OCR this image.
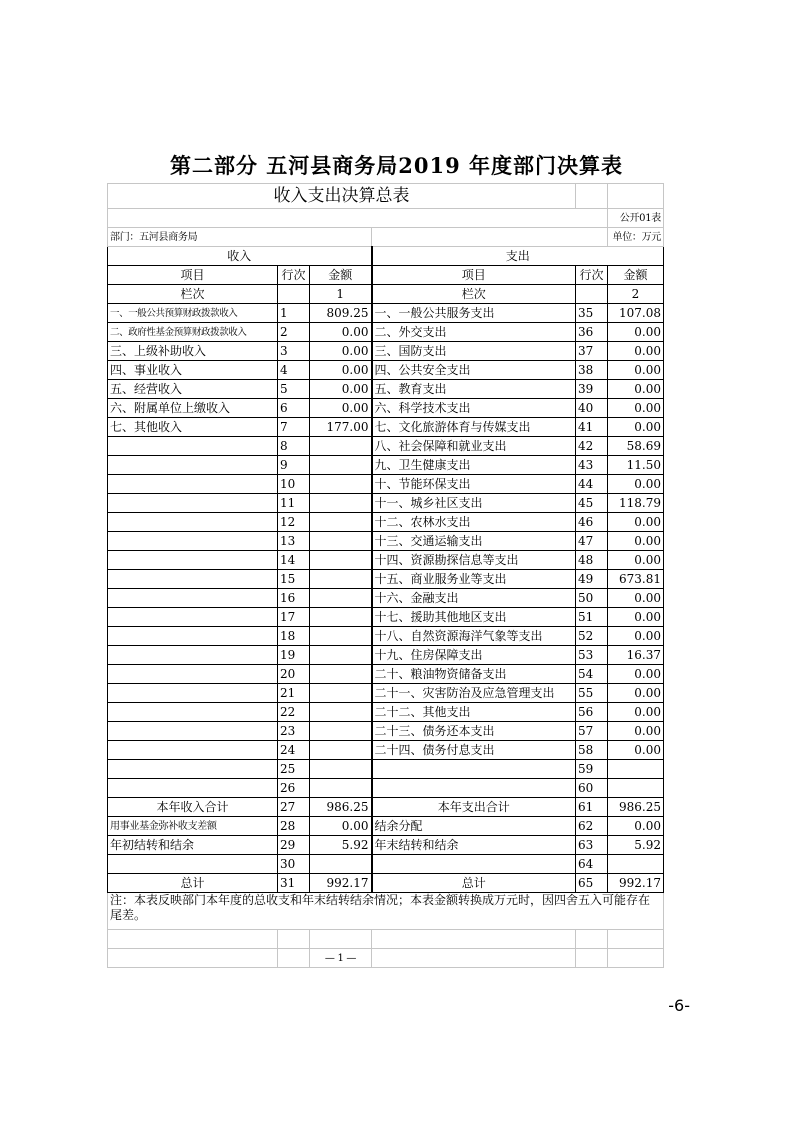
第二部分 五河县商务局2019 年度部门决算表
收入支出决算总表					
					公开01表
部门：五河县商务局					单位：万元
收入			支出		
项目	行次	金额	项目	行次	金额
栏次		1	栏次		2
一、一般公共预算财政拨款收入	1	809.25	一、一般公共服务支出	35	107.08
二、政府性基金预算财政拨款收入	2	0.00	二、外交支出	36	0.00
三、上级补助收入	3	0.00	三、国防支出	37	0.00
四、事业收入	4	0.00	四、公共安全支出	38	0.00
五、经营收入	5	0.00	五、教育支出	39	0.00
六、附属单位上缴收入	6	0.00	六、科学技术支出	40	0.00
七、其他收入	7	177.00	七、文化旅游体育与传媒支出	41	0.00
	8		八、社会保障和就业支出	42	58.69
	9		九、卫生健康支出	43	11.50
	10		十、节能环保支出	44	0.00
	11		十一、城乡社区支出	45	118.79
	12		十二、农林水支出	46	0.00
	13		十三、交通运输支出	47	0.00
	14		十四、资源勘探信息等支出	48	0.00
	15		十五、商业服务业等支出	49	673.81
	16		十六、金融支出	50	0.00
	17		十七、援助其他地区支出	51	0.00
	18		十八、自然资源海洋气象等支出	52	0.00
	19		十九、住房保障支出	53	16.37
	20		二十、粮油物资储备支出	54	0.00
	21		二十一、灾害防治及应急管理支出	55	0.00
	22		二十二、其他支出	56	0.00
	23		二十三、债务还本支出	57	0.00
	24		二十四、债务付息支出	58	0.00
	25			59	
	26			60	
本年收入合计	27	986.25	本年支出合计	61	986.25
用事业基金弥补收支差额	28	0.00	结余分配	62	0.00
年初结转和结余	29	5.92	年末结转和结余	63	5.92
	30			64	
总计	31	992.17	总计	65	992.17
注：本表反映部门本年度的总收支和年末结转结余情况；本表金额转换成万元时，因四舍五入可能存在尾差。					

		— 1 —			
-6-
